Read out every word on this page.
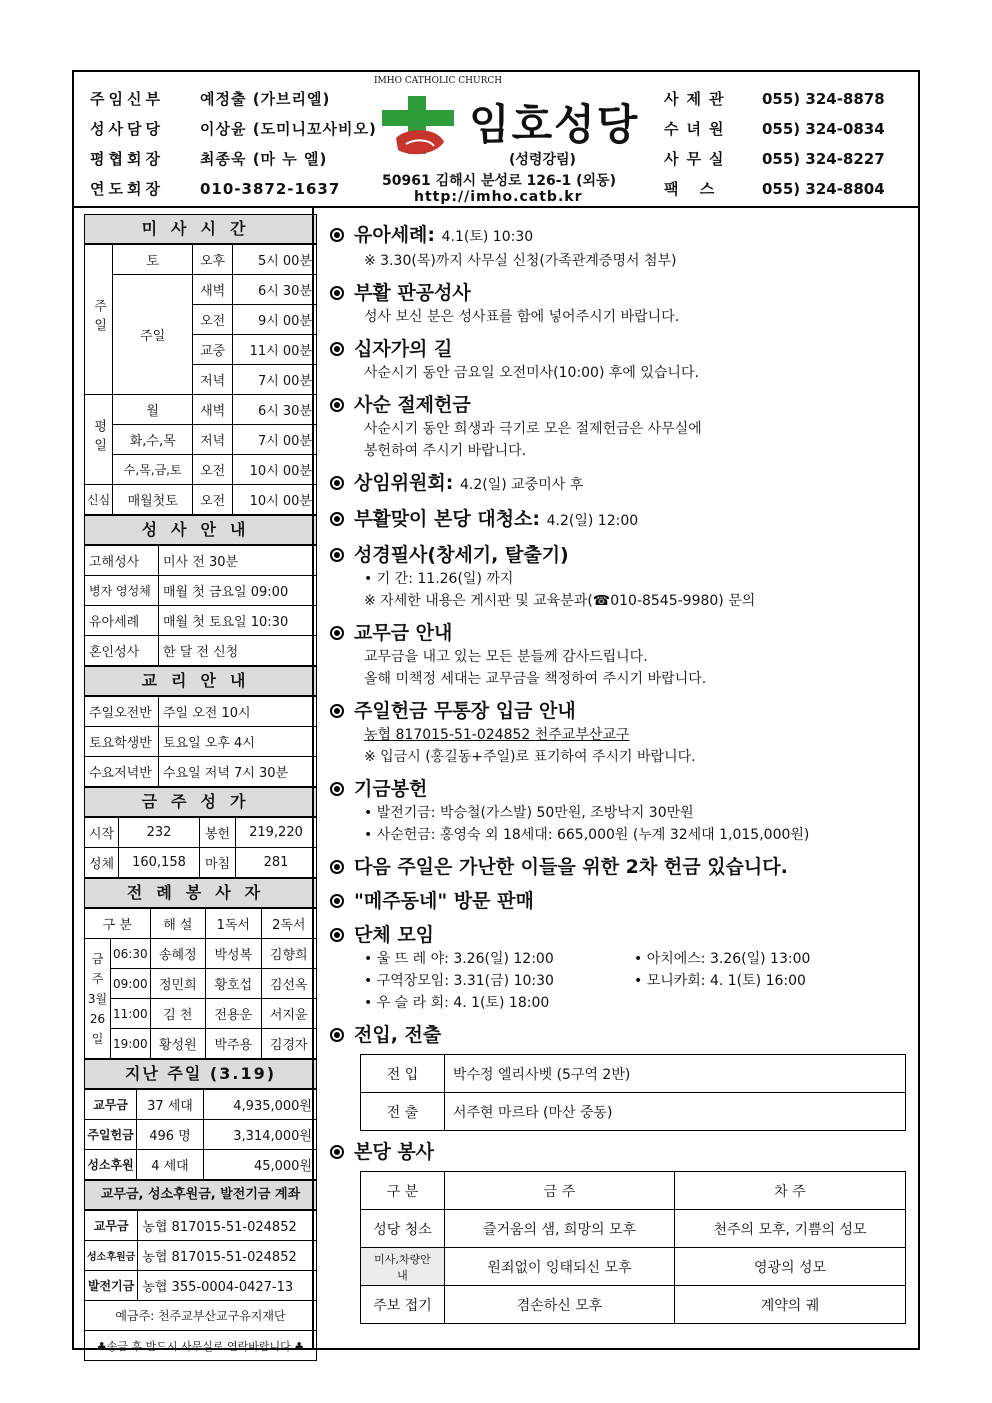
주임신부 예정출 (가브리엘)
성사담당 이상윤 (도미니꼬사비오)
평협회장 최종욱 (마 누 엘)
연도회장 010-3872-1637
IMHO CATHOLIC CHURCH
임호성당
(성령강림)
50961 김해시 분성로 126-1 (외동)
http://imho.catb.kr
사제관 055) 324-8878
수녀원 055) 324-0834
사무실 055) 324-8227
팩 스	055) 324-8804
미사시간
주일	토	오후	5시 00분
	주일	새벽	6시 30분
		오전	9시 00분
		교중	11시 00분
		저녁	7시 00분
평일	월	새벽	6시 30분
	화,수,목	저녁	7시 00분
	수,목,금,토	오전	10시 00분
신심	매월첫토	오전	10시 00분
성사안내
고해성사	미사 전 30분
병자 영성체	매월 첫 금요일 09:00
유아세례	매월 첫 토요일 10:30
혼인성사	한 달 전 신청
교리안내
주일오전반	주일 오전 10시
토요학생반	토요일 오후 4시
수요저녁반	수요일 저녁 7시 30분
금주성가
시작	232	봉헌	219,220
성체	160,158	마침	281
전례봉사자
구 분		해 설	1독서	2독서
금주 3월 26일	06:30	송혜정	박성복	김향희
	09:00	정민희	황호섭	김선옥
	11:00	김 천	전용운	서지윤
	19:00	황성원	박주용	김경자
지난 주일 (3.19)
교무금	37 세대	4,935,000원
주일헌금	496 명	3,314,000원
성소후원	4 세대	45,000원
교무금, 성소후원금, 발전기금 계좌
교무금	농협 817015-51-024852
성소후원금	농협 817015-51-024852
발전기금	농협 355-0004-0427-13
예금주: 천주교부산교구유지재단	
♣송금 후 반드시 사무실로 연락바랍니다.♣	
유아세례: 4.1(토) 10:30

※ 3.30(목)까지 사무실 신청(가족관계증명서 첨부)

부활 판공성사

성사 보신 분은 성사표를 함에 넣어주시기 바랍니다.

십자가의 길

사순시기 동안 금요일 오전미사(10:00) 후에 있습니다.

사순 절제헌금

사순시기 동안 희생과 극기로 모은 절제헌금은 사무실에

봉헌하여 주시기 바랍니다.

상임위원회: 4.2(일) 교중미사 후
부활맞이 본당 대청소: 4.2(일) 12:00
성경필사(창세기, 탈출기)

• 기 간: 11.26(일) 까지

※ 자세한 내용은 게시판 및 교육분과(☎010-8545-9980) 문의

교무금 안내

교무금을 내고 있는 모든 분들께 감사드립니다.

올해 미책정 세대는 교무금을 책정하여 주시기 바랍니다.

주일헌금 무통장 입금 안내

농협 817015-51-024852 천주교부산교구

※ 입금시 (홍길동+주일)로 표기하여 주시기 바랍니다.

기금봉헌

• 발전기금: 박승철(가스발) 50만원, 조방낙지 30만원

• 사순헌금: 홍영숙 외 18세대: 665,000원 (누계 32세대 1,015,000원)

다음 주일은 가난한 이들을 위한 2차 헌금 있습니다.
"메주동네" 방문 판매
단체 모임

• 울 뜨 레 야: 3.26(일) 12:00	• 아치에스: 3.26(일) 13:00

• 구역장모임: 3.31(금) 10:30	• 모니카회: 4. 1(토) 16:00

• 우 슬 라 회: 4. 1(토) 18:00

전입, 전출
전 입	박수정 엘리사벳 (5구역 2반)
전 출	서주현 마르타 (마산 중동)
본당 봉사
구 분	금 주	차 주
성당 청소	즐거움의 샘, 희망의 모후	천주의 모후, 기쁨의 성모
미사,차량안내	원죄없이 잉태되신 모후	영광의 성모
주보 접기	겸손하신 모후	계약의 궤
